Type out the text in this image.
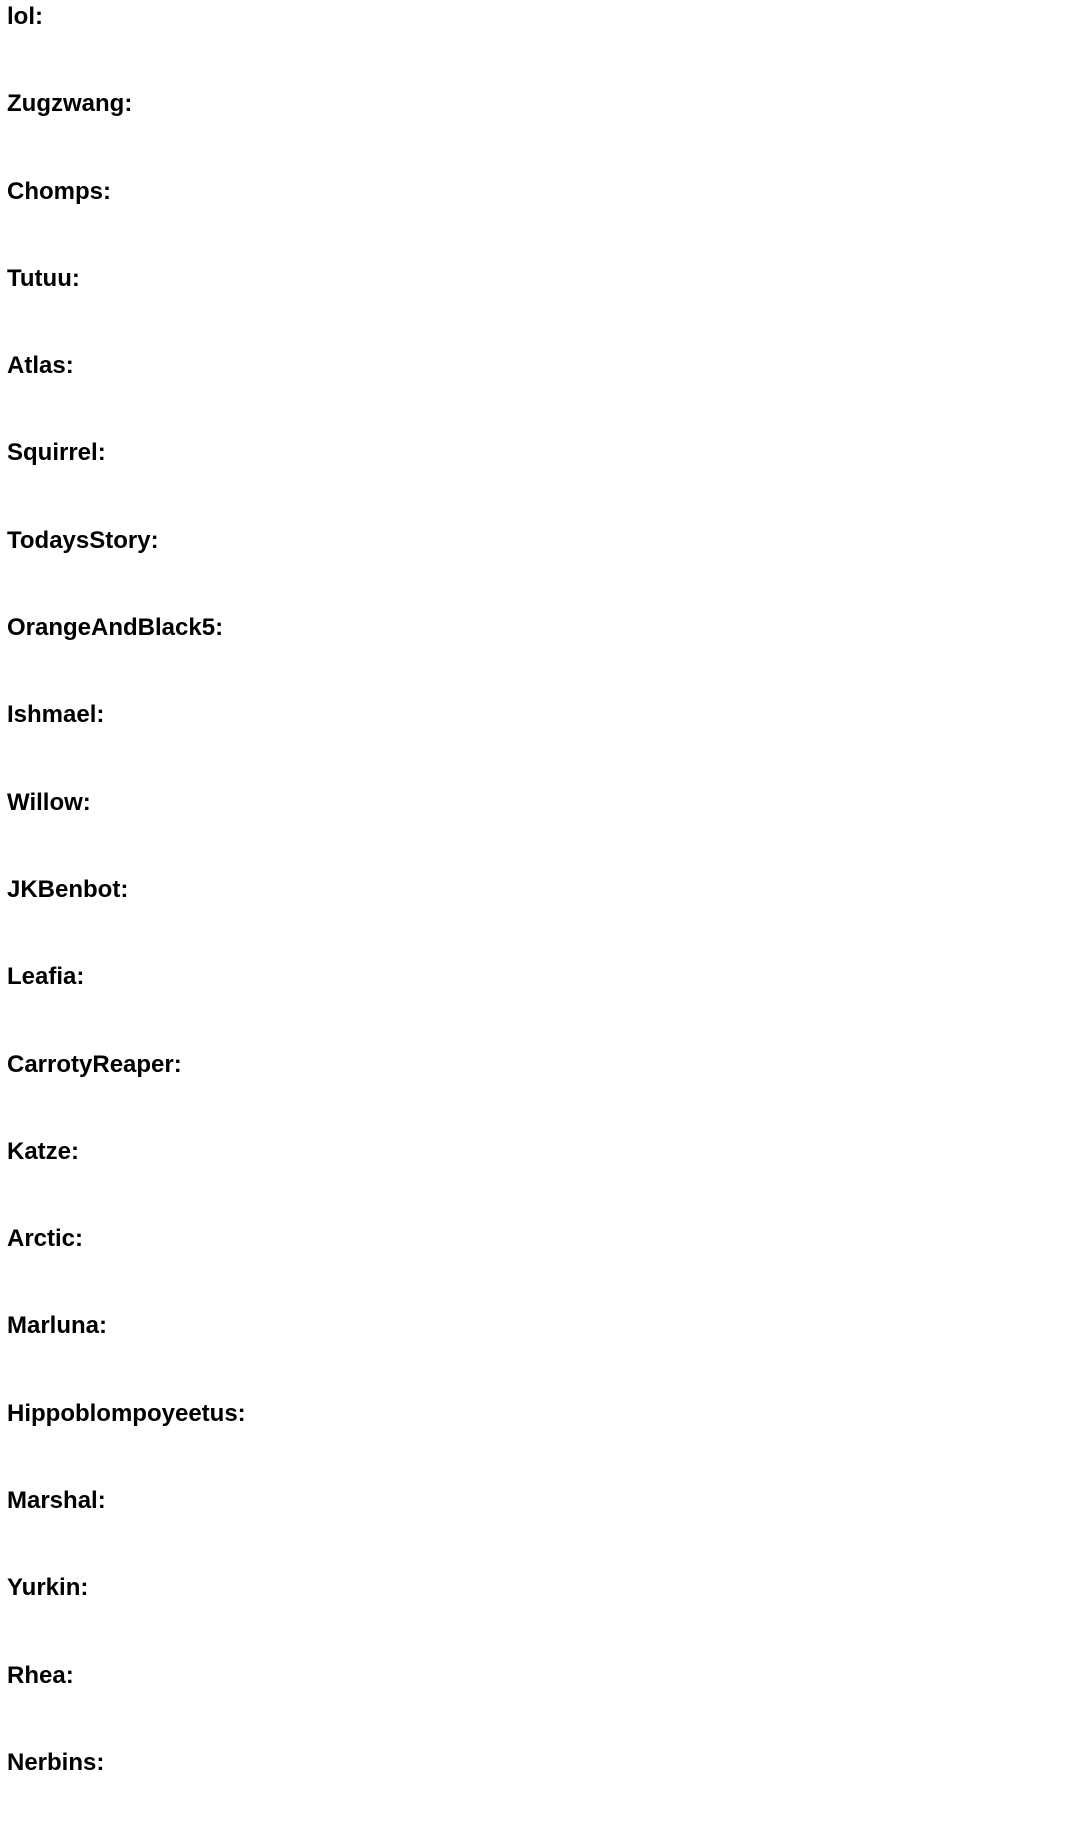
lol:
Zugzwang:
Chomps:
Tutuu:
Atlas:
Squirrel:
TodaysStory:
OrangeAndBlack5:
Ishmael:
Willow:
JKBenbot:
Leafia:
CarrotyReaper:
Katze:
Arctic:
Marluna:
Hippoblompoyeetus:
Marshal:
Yurkin:
Rhea:
Nerbins:
